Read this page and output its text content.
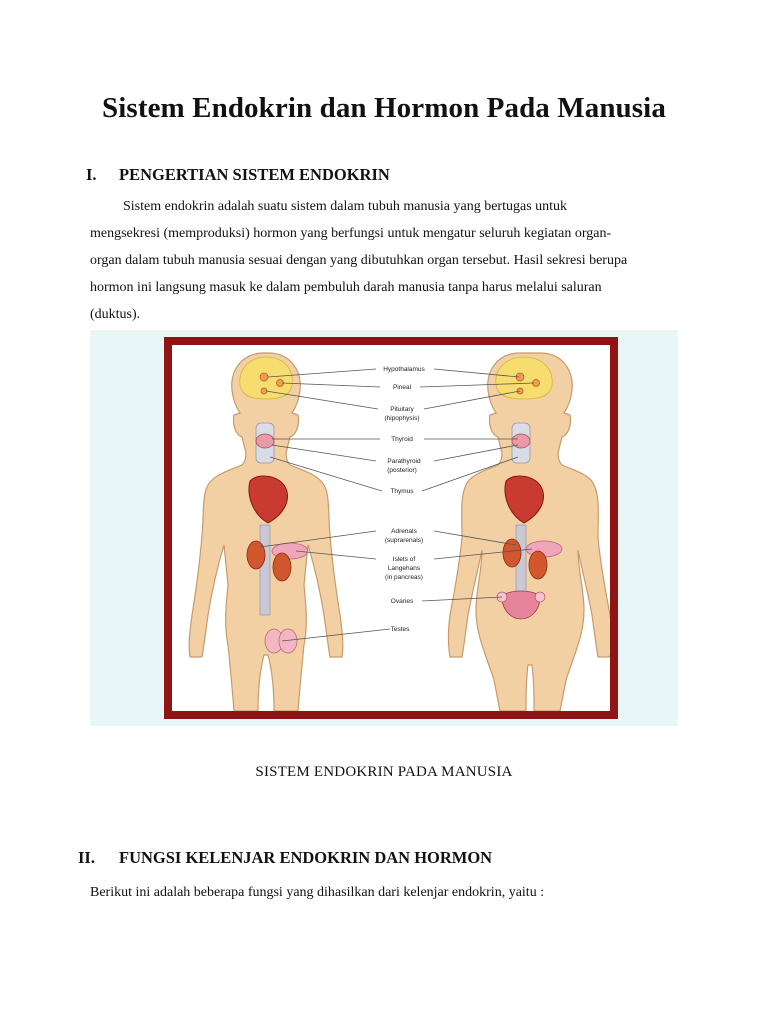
Sistem Endokrin dan Hormon Pada Manusia
I. PENGERTIAN SISTEM ENDOKRIN

Sistem endokrin adalah suatu sistem dalam tubuh manusia yang bertugas untuk
mengsekresi (memproduksi) hormon yang berfungsi untuk mengatur seluruh kegiatan organ-
organ dalam tubuh manusia sesuai dengan yang dibutuhkan organ tersebut. Hasil sekresi berupa
hormon ini langsung masuk ke dalam pembuluh darah manusia tanpa harus melalui saluran
(duktus).

Hypothalamus
Pineal
Pituitary
(hipophysis)
Thyroid
Parathyroid
(posterior)
Thymus
Adrenals
(suprarenals)
Islets of
Langehans
(in pancreas)
Ovaries
Testes

SISTEM ENDOKRIN PADA MANUSIA

II. FUNGSI KELENJAR ENDOKRIN DAN HORMON

Berikut ini adalah beberapa fungsi yang dihasilkan dari kelenjar endokrin, yaitu :
